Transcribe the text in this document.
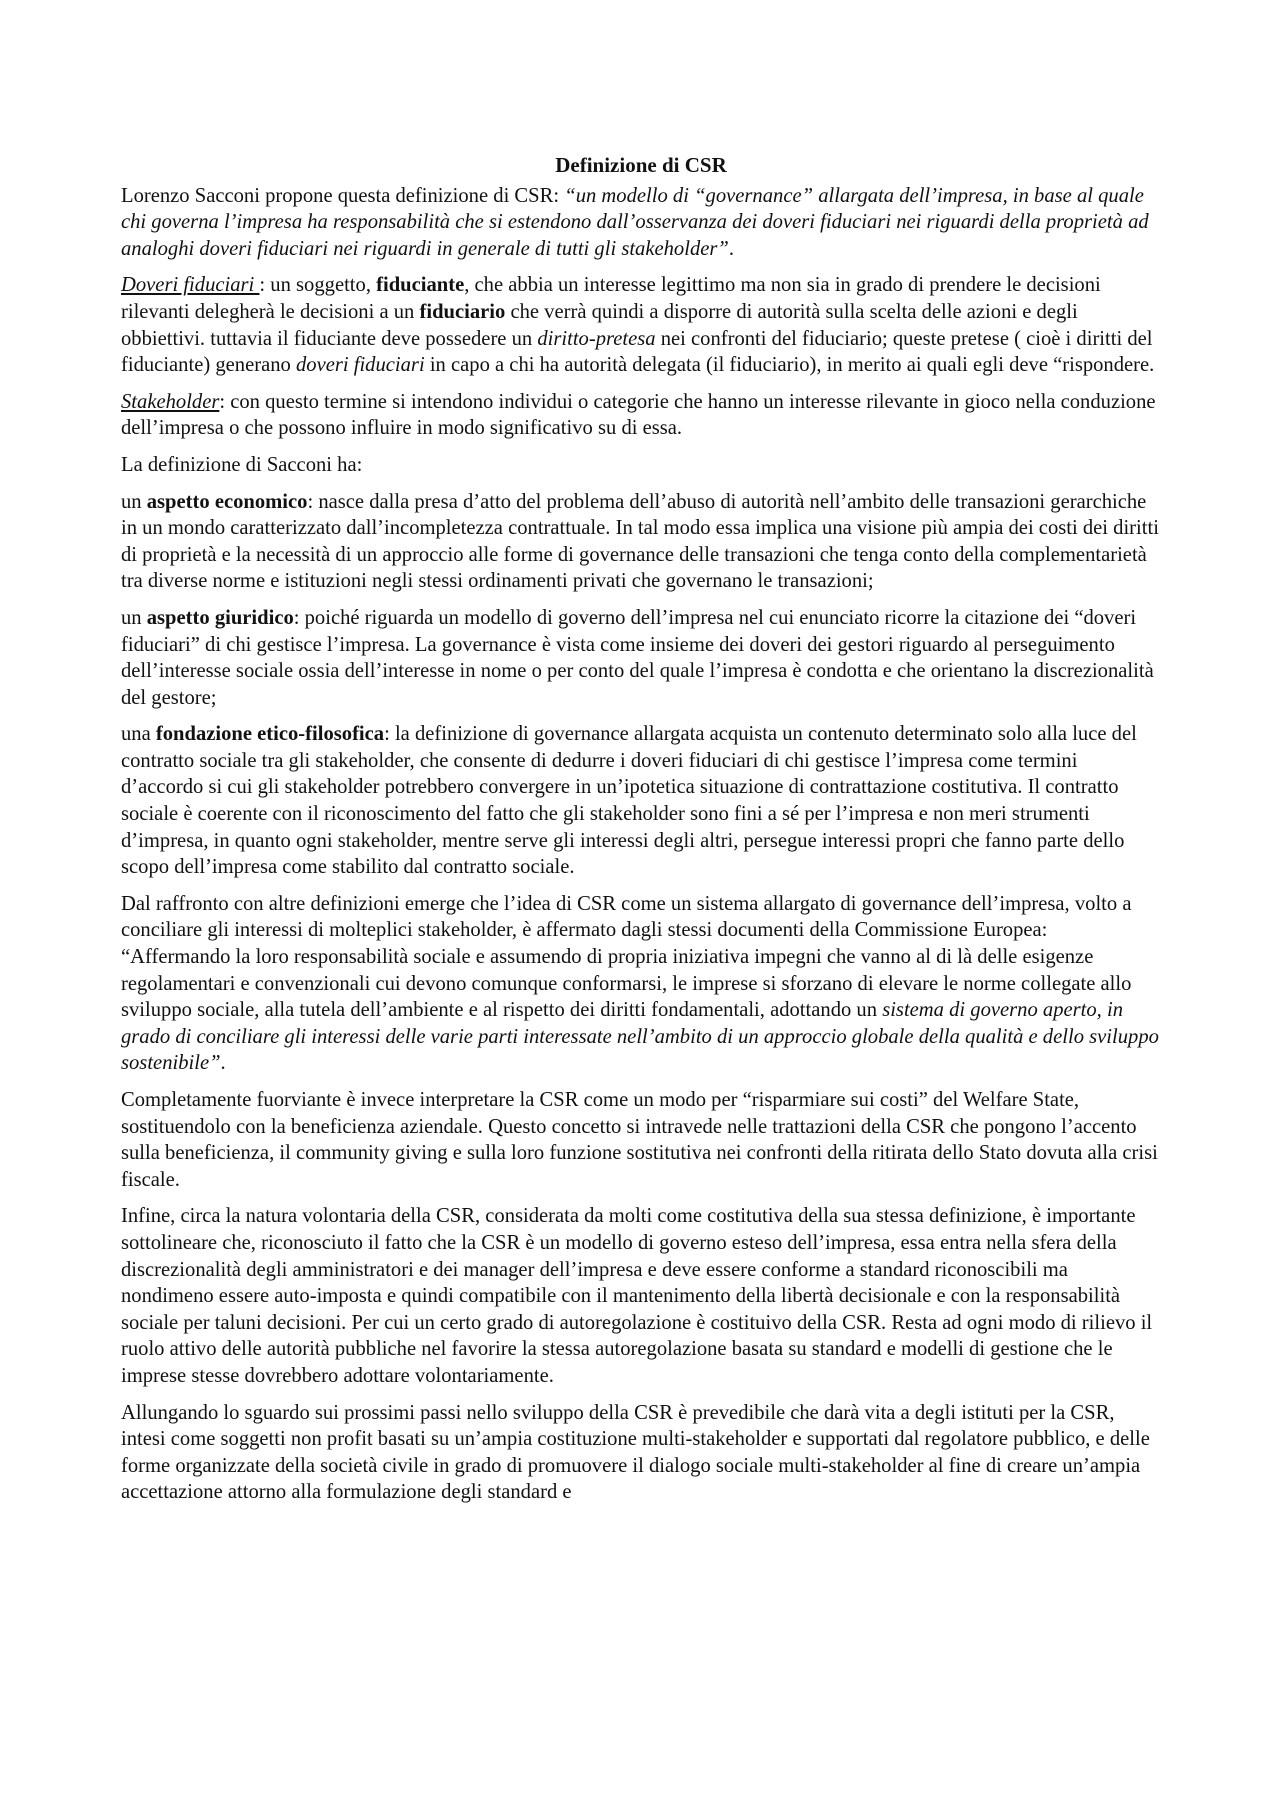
Definizione di CSR

Lorenzo Sacconi propone questa definizione di CSR: “un modello di “governance” allargata dell’impresa, in base al quale chi governa l’impresa ha responsabilità che si estendono dall’osservanza dei doveri fiduciari nei riguardi della proprietà ad analoghi doveri fiduciari nei riguardi in generale di tutti gli stakeholder”.

Doveri fiduciari : un soggetto, fiduciante, che abbia un interesse legittimo ma non sia in grado di prendere le decisioni rilevanti delegherà le decisioni a un fiduciario che verrà quindi a disporre di autorità sulla scelta delle azioni e degli obbiettivi. tuttavia il fiduciante deve possedere un diritto-pretesa nei confronti del fiduciario; queste pretese ( cioè i diritti del fiduciante) generano doveri fiduciari in capo a chi ha autorità delegata (il fiduciario), in merito ai quali egli deve “rispondere.

Stakeholder: con questo termine si intendono individui o categorie che hanno un interesse rilevante in gioco nella conduzione dell’impresa o che possono influire in modo significativo su di essa.

La definizione di Sacconi ha:

un aspetto economico: nasce dalla presa d’atto del problema dell’abuso di autorità nell’ambito delle transazioni gerarchiche in un mondo caratterizzato dall’incompletezza contrattuale. In tal modo essa implica una visione più ampia dei costi dei diritti di proprietà e la necessità di un approccio alle forme di governance delle transazioni che tenga conto della complementarietà tra diverse norme e istituzioni negli stessi ordinamenti privati che governano le transazioni;

un aspetto giuridico: poiché riguarda un modello di governo dell’impresa nel cui enunciato ricorre la citazione dei “doveri fiduciari” di chi gestisce l’impresa. La governance è vista come insieme dei doveri dei gestori riguardo al perseguimento dell’interesse sociale ossia dell’interesse in nome o per conto del quale l’impresa è condotta e che orientano la discrezionalità del gestore;

una fondazione etico-filosofica: la definizione di governance allargata acquista un contenuto determinato solo alla luce del contratto sociale tra gli stakeholder, che consente di dedurre i doveri fiduciari di chi gestisce l’impresa come termini d’accordo si cui gli stakeholder potrebbero convergere in un’ipotetica situazione di contrattazione costitutiva. Il contratto sociale è coerente con il riconoscimento del fatto che gli stakeholder sono fini a sé per l’impresa e non meri strumenti d’impresa, in quanto ogni stakeholder, mentre serve gli interessi degli altri, persegue interessi propri che fanno parte dello scopo dell’impresa come stabilito dal contratto sociale.

Dal raffronto con altre definizioni emerge che l’idea di CSR come un sistema allargato di governance dell’impresa, volto a conciliare gli interessi di molteplici stakeholder, è affermato dagli stessi documenti della Commissione Europea: “Affermando la loro responsabilità sociale e assumendo di propria iniziativa impegni che vanno al di là delle esigenze regolamentari e convenzionali cui devono comunque conformarsi, le imprese si sforzano di elevare le norme collegate allo sviluppo sociale, alla tutela dell’ambiente e al rispetto dei diritti fondamentali, adottando un sistema di governo aperto, in grado di conciliare gli interessi delle varie parti interessate nell’ambito di un approccio globale della qualità e dello sviluppo sostenibile”.

Completamente fuorviante è invece interpretare la CSR come un modo per “risparmiare sui costi” del Welfare State, sostituendolo con la beneficienza aziendale. Questo concetto si intravede nelle trattazioni della CSR che pongono l’accento sulla beneficienza, il community giving e sulla loro funzione sostitutiva nei confronti della ritirata dello Stato dovuta alla crisi fiscale.

Infine, circa la natura volontaria della CSR, considerata da molti come costitutiva della sua stessa definizione, è importante sottolineare che, riconosciuto il fatto che la CSR è un modello di governo esteso dell’impresa, essa entra nella sfera della discrezionalità degli amministratori e dei manager dell’impresa e deve essere conforme a standard riconoscibili ma nondimeno essere auto-imposta e quindi compatibile con il mantenimento della libertà decisionale e con la responsabilità sociale per taluni decisioni. Per cui un certo grado di autoregolazione è costituivo della CSR. Resta ad ogni modo di rilievo il ruolo attivo delle autorità pubbliche nel favorire la stessa autoregolazione basata su standard e modelli di gestione che le imprese stesse dovrebbero adottare volontariamente.

Allungando lo sguardo sui prossimi passi nello sviluppo della CSR è prevedibile che darà vita a degli istituti per la CSR, intesi come soggetti non profit basati su un’ampia costituzione multi-stakeholder e supportati dal regolatore pubblico, e delle forme organizzate della società civile in grado di promuovere il dialogo sociale multi-stakeholder al fine di creare un’ampia accettazione attorno alla formulazione degli standard e
